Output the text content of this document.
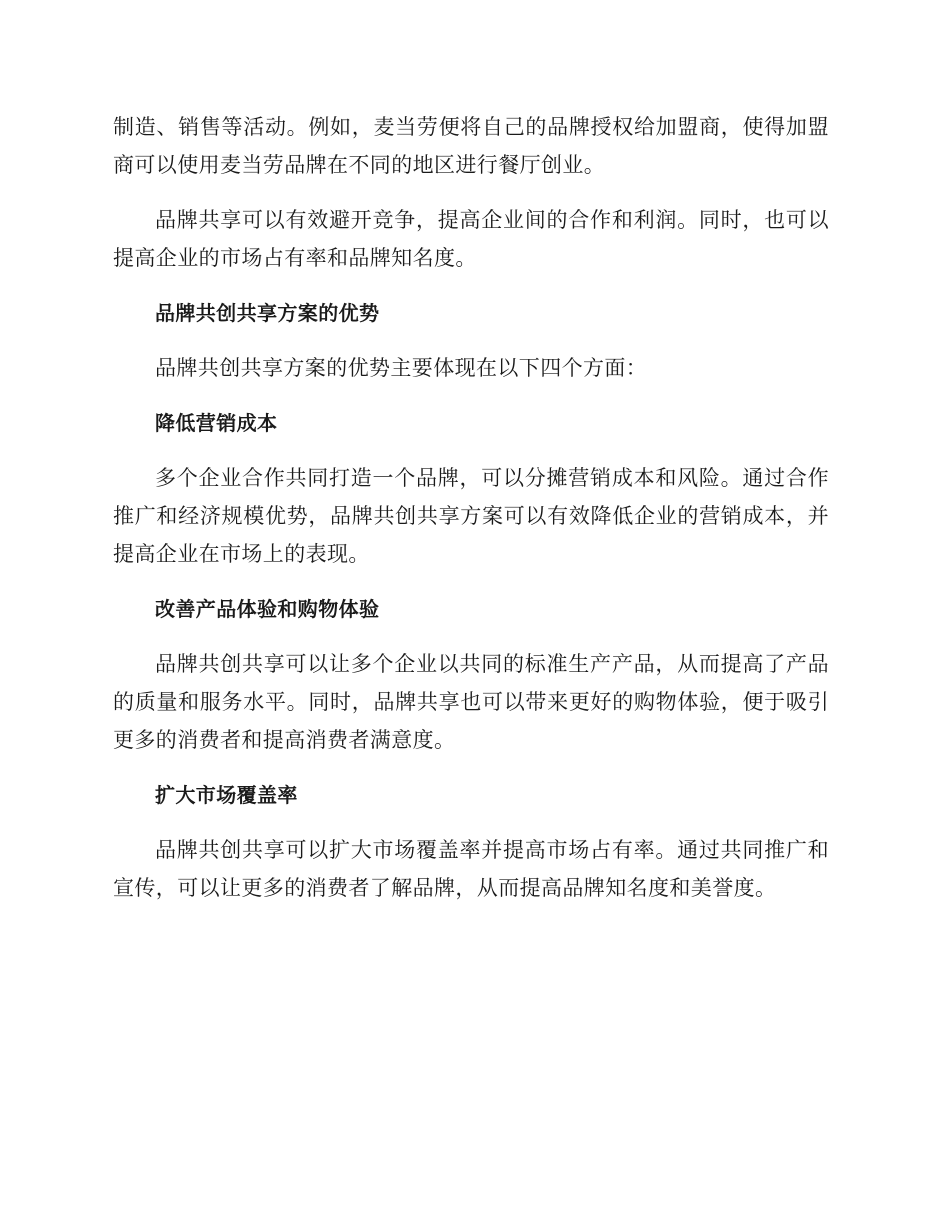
制造、销售等活动。例如，麦当劳便将自己的品牌授权给加盟商，使得加盟商可以使用麦当劳品牌在不同的地区进行餐厅创业。

品牌共享可以有效避开竞争，提高企业间的合作和利润。同时，也可以提高企业的市场占有率和品牌知名度。

品牌共创共享方案的优势

品牌共创共享方案的优势主要体现在以下四个方面：

降低营销成本

多个企业合作共同打造一个品牌，可以分摊营销成本和风险。通过合作推广和经济规模优势，品牌共创共享方案可以有效降低企业的营销成本，并提高企业在市场上的表现。

改善产品体验和购物体验

品牌共创共享可以让多个企业以共同的标准生产产品，从而提高了产品的质量和服务水平。同时，品牌共享也可以带来更好的购物体验，便于吸引更多的消费者和提高消费者满意度。

扩大市场覆盖率

品牌共创共享可以扩大市场覆盖率并提高市场占有率。通过共同推广和宣传，可以让更多的消费者了解品牌，从而提高品牌知名度和美誉度。
